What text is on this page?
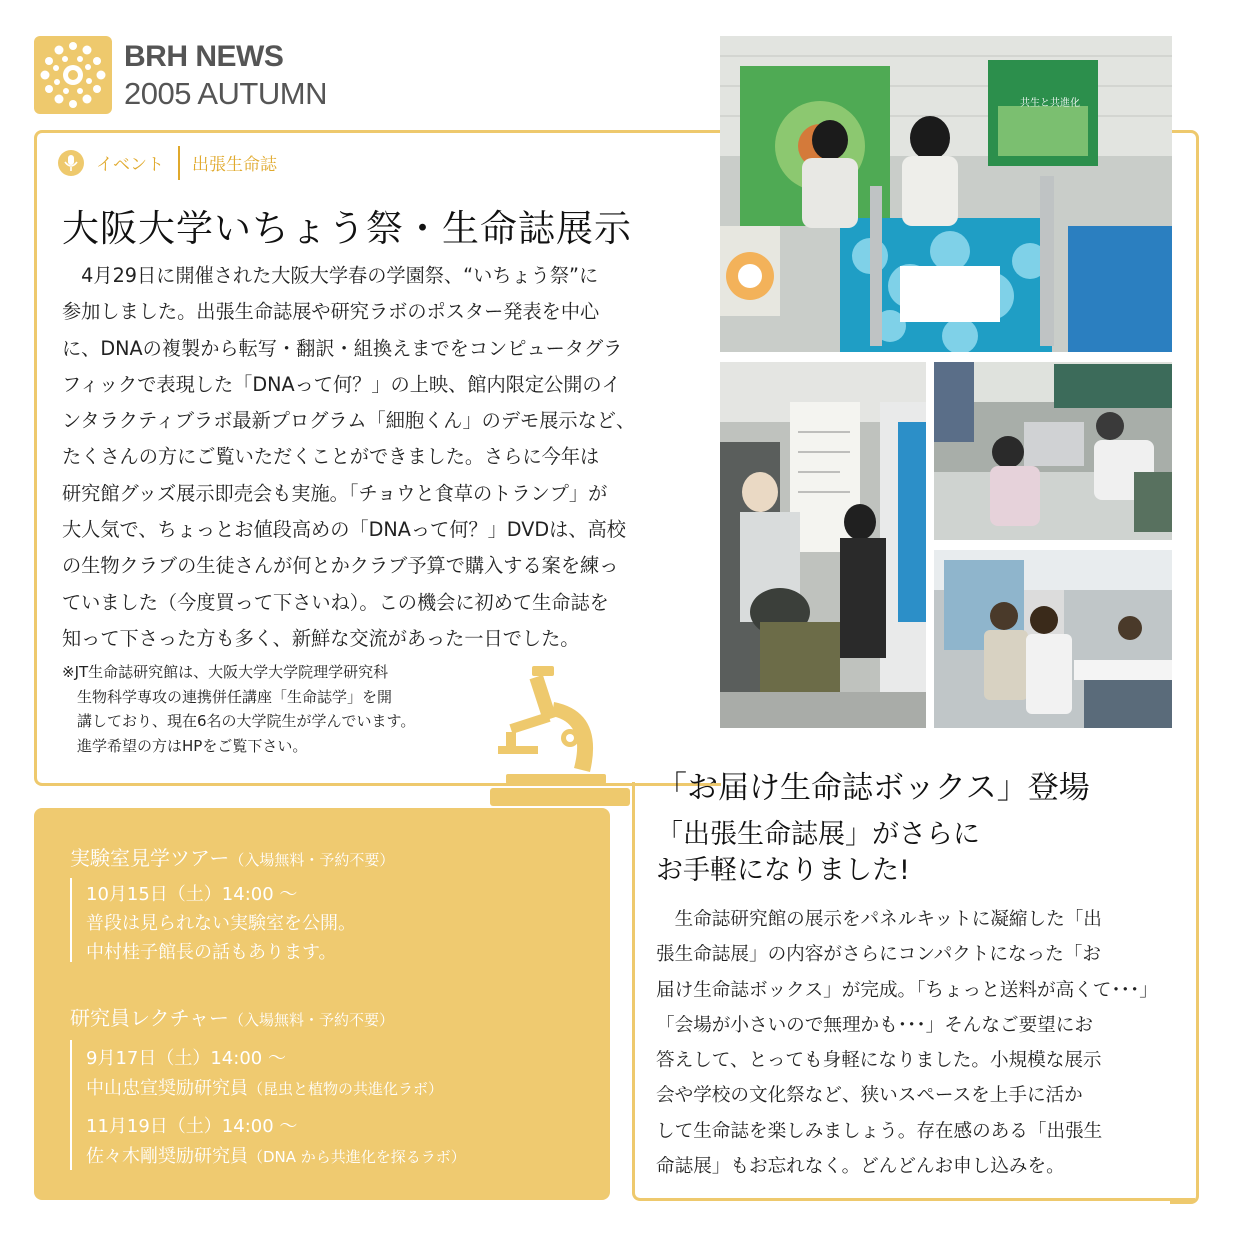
BRH NEWS
2005 AUTUMN
イベント 出張生命誌
大阪大学いちょう祭・生命誌展示
　4月29日に開催された大阪大学春の学園祭、“いちょう祭”に
参加しました。出張生命誌展や研究ラボのポスター発表を中心
に、DNAの複製から転写・翻訳・組換えまでをコンピュータグラ
フィックで表現した「DNAって何？」の上映、館内限定公開のイ
ンタラクティブラボ最新プログラム「細胞くん」のデモ展示など、
たくさんの方にご覧いただくことができました。さらに今年は
研究館グッズ展示即売会も実施。「チョウと食草のトランプ」が
大人気で、ちょっとお値段高めの「DNAって何？」DVDは、高校
の生物クラブの生徒さんが何とかクラブ予算で購入する案を練っ
ていました（今度買って下さいね）。この機会に初めて生命誌を
知って下さった方も多く、新鮮な交流があった一日でした。
※JT生命誌研究館は、大阪大学大学院理学研究科
　生物科学専攻の連携併任講座「生命誌学」を開
　講しており、現在6名の大学院生が学んでいます。
　進学希望の方はHPをご覧下さい。
共生と共進化
「お届け生命誌ボックス」登場
「出張生命誌展」がさらに
お手軽になりました!
　生命誌研究館の展示をパネルキットに凝縮した「出
張生命誌展」の内容がさらにコンパクトになった「お
届け生命誌ボックス」が完成。「ちょっと送料が高くて･･･」
「会場が小さいので無理かも･･･」そんなご要望にお
答えして、とっても身軽になりました。小規模な展示
会や学校の文化祭など、狭いスペースを上手に活か
して生命誌を楽しみましょう。存在感のある「出張生
命誌展」もお忘れなく。どんどんお申し込みを。
実験室見学ツアー（入場無料・予約不要）
10月15日（土）14:00 〜
普段は見られない実験室を公開。
中村桂子館長の話もあります。
研究員レクチャー（入場無料・予約不要）
9月17日（土）14:00 〜
中山忠宣奨励研究員（昆虫と植物の共進化ラボ）
11月19日（土）14:00 〜
佐々木剛奨励研究員（DNA から共進化を探るラボ）
